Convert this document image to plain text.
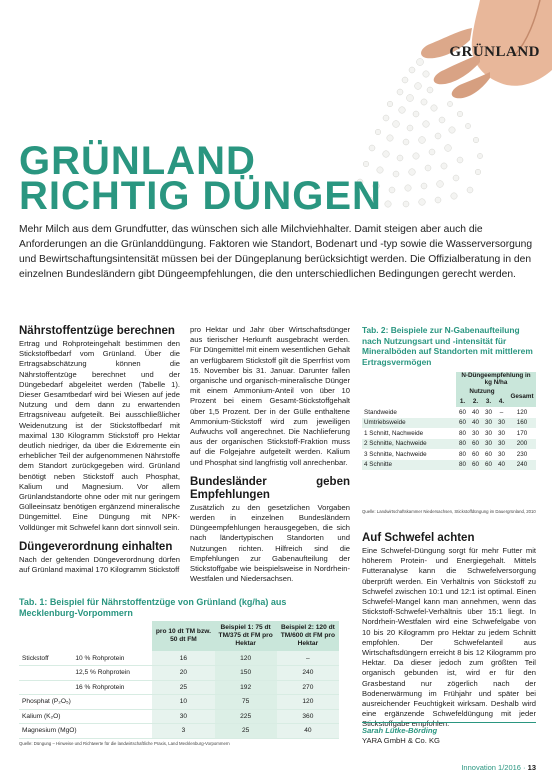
GRÜNLAND
GRÜNLAND
RICHTIG DÜNGEN

Mehr Milch aus dem Grundfutter, das wünschen sich alle Milchviehhalter. Damit steigen aber auch die Anforderungen an die Grünlanddüngung. Faktoren wie Standort, Bodenart und -typ sowie die Wasserversorgung und Bewirtschaftungsintensität müssen bei der Düngeplanung berücksichtigt werden. Die Offizialberatung in den einzelnen Bundesländern gibt Düngeempfehlungen, die den unterschiedlichen Bedingungen gerecht werden.

Nährstoffentzüge berechnen
Ertrag und Rohproteingehalt bestimmen den Stickstoffbedarf vom Grünland. Über die Ertragsabschätzung können die Nährstoffentzüge berechnet und der Düngebedarf abgeleitet werden (Tabelle 1). Dieser Gesamtbedarf wird bei Wiesen auf jede Nutzung und dem dann zu erwartenden Ertragsniveau aufgeteilt. Bei ausschließlicher Weidenutzung ist der Stickstoffbedarf mit maximal 130 Kilogramm Stickstoff pro Hektar deutlich niedriger, da über die Exkremente ein erheblicher Teil der aufgenommenen Nährstoffe dem Standort zurückgegeben wird. Grünland benötigt neben Stickstoff auch Phosphat, Kalium und Magnesium. Vor allem Grünlandstandorte ohne oder mit nur geringem Gülleeinsatz benötigen ergänzend mineralische Düngemittel. Eine Düngung mit NPK-Volldünger mit Schwefel kann dort sinnvoll sein.
Düngeverordnung einhalten
Nach der geltenden Düngeverordnung dürfen auf Grünland maximal 170 Kilogramm Stickstoff
pro Hektar und Jahr über Wirtschaftsdünger aus tierischer Herkunft ausgebracht werden. Für Düngemittel mit einem wesentlichen Gehalt an verfügbarem Stickstoff gilt die Sperrfrist vom 15. November bis 31. Januar. Darunter fallen organische und organisch-mineralische Dünger mit einem Ammonium-Anteil von über 10 Prozent bei einem Gesamt-Stickstoffgehalt über 1,5 Prozent. Der in der Gülle enthaltene Ammonium-Stickstoff wird zum jeweiligen Aufwuchs voll angerechnet. Die Nachlieferung aus der organischen Stickstoff-Fraktion muss auf die Folgejahre aufgeteilt werden. Kalium und Phosphat sind langfristig voll anrechenbar.
Bundesländer geben Empfehlungen
Zusätzlich zu den gesetzlichen Vorgaben werden in einzelnen Bundesländern Düngeempfehlungen herausgegeben, die sich nach ländertypischen Standorten und Nutzungen richten. Hilfreich sind die Empfehlungen zur Gabenaufteilung der Stickstoffgabe wie beispielsweise in Nordrhein-Westfalen und Niedersachsen.
Tab. 1: Beispiel für Nährstoffentzüge von Grünland (kg/ha) aus Mecklenburg-Vorpommern
		pro 10 dt TM bzw. 50 dt FM	Beispiel 1: 75 dt TM/375 dt FM pro Hektar	Beispiel 2: 120 dt TM/600 dt FM pro Hektar
Stickstoff	10 % Rohprotein	16	120	–
	12,5 % Rohprotein	20	150	240
	16 % Rohprotein	25	192	270
Phosphat (P₂O₅)		10	75	120
Kalium (K₂O)		30	225	360
Magnesium (MgO)		3	25	40
Quelle: Düngung – Hinweise und Richtwerte für die landwirtschaftliche Praxis, Land Mecklenburg-Vorpommern
Tab. 2: Beispiele zur N-Gabenaufteilung nach Nutzungsart und -intensität für Mineralböden auf Standorten mit mittlerem Ertragsvermögen
	N-Düngeempfehlung in kg N/ha				
	Nutzung				Gesamt
	1.	2.	3.	4.	
Standweide	60	40	30	–	120
Umtriebsweide	60	40	30	30	160
1 Schnitt, Nachweide	80	30	30	30	170
2 Schnitte, Nachweide	80	60	30	30	200
3 Schnitte, Nachweide	80	60	60	30	230
4 Schnitte	80	60	60	40	240
Quelle: Landwirtschaftskammer Niedersachsen, Stickstoffdüngung im Dauergrünland, 2010
Auf Schwefel achten
Eine Schwefel-Düngung sorgt für mehr Futter mit höherem Protein- und Energiegehalt. Mittels Futteranalyse kann die Schwefelversorgung überprüft werden. Ein Verhältnis von Stickstoff zu Schwefel zwischen 10:1 und 12:1 ist optimal. Einen Schwefel-Mangel kann man annehmen, wenn das Stickstoff-Schwefel-Verhältnis über 15:1 liegt. In Nordrhein-Westfalen wird eine Schwefelgabe von 10 bis 20 Kilogramm pro Hektar zu jedem Schnitt empfohlen. Der Schwefelanteil aus Wirtschaftsdüngern erreicht 8 bis 12 Kilogramm pro Hektar. Da dieser jedoch zum größten Teil organisch gebunden ist, wird er für den Grasbestand nur zögerlich nach der Bodenerwärmung im Frühjahr und später bei ausreichender Feuchtigkeit wirksam. Deshalb wird eine ergänzende Schwefeldüngung mit jeder Stickstoffgabe empfohlen.
Sarah Lütke-Börding
YARA GmbH & Co. KG
Innovation 1/2016 · 13
